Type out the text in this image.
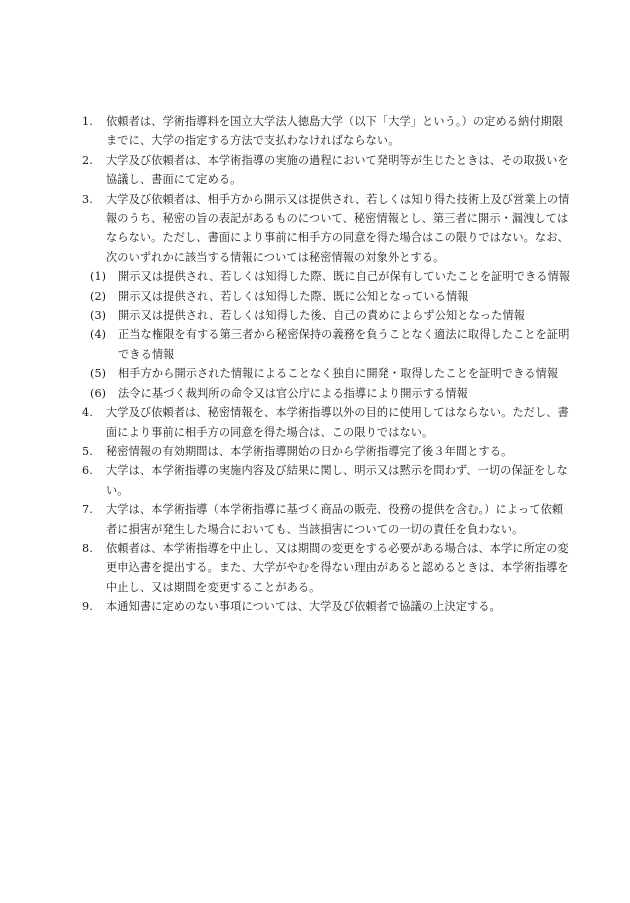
1. 依頼者は、学術指導料を国立大学法人徳島大学（以下「大学」という。）の定める納付期限までに、大学の指定する方法で支払わなければならない。
2. 大学及び依頼者は、本学術指導の実施の過程において発明等が生じたときは、その取扱いを協議し、書面にて定める。
3. 大学及び依頼者は、相手方から開示又は提供され、若しくは知り得た技術上及び営業上の情報のうち、秘密の旨の表記があるものについて、秘密情報とし、第三者に開示・漏洩してはならない。ただし、書面により事前に相手方の同意を得た場合はこの限りではない。なお、次のいずれかに該当する情報については秘密情報の対象外とする。
(1) 開示又は提供され、若しくは知得した際、既に自己が保有していたことを証明できる情報
(2) 開示又は提供され、若しくは知得した際、既に公知となっている情報
(3) 開示又は提供され、若しくは知得した後、自己の責めによらず公知となった情報
(4) 正当な権限を有する第三者から秘密保持の義務を負うことなく適法に取得したことを証明できる情報
(5) 相手方から開示された情報によることなく独自に開発・取得したことを証明できる情報
(6) 法令に基づく裁判所の命令又は官公庁による指導により開示する情報
4. 大学及び依頼者は、秘密情報を、本学術指導以外の目的に使用してはならない。ただし、書面により事前に相手方の同意を得た場合は、この限りではない。
5. 秘密情報の有効期間は、本学術指導開始の日から学術指導完了後３年間とする。
6. 大学は、本学術指導の実施内容及び結果に関し、明示又は黙示を問わず、一切の保証をしない。
7. 大学は、本学術指導（本学術指導に基づく商品の販売、役務の提供を含む。）によって依頼者に損害が発生した場合においても、当該損害についての一切の責任を負わない。
8. 依頼者は、本学術指導を中止し、又は期間の変更をする必要がある場合は、本学に所定の変更申込書を提出する。また、大学がやむを得ない理由があると認めるときは、本学術指導を中止し、又は期間を変更することがある。
9. 本通知書に定めのない事項については、大学及び依頼者で協議の上決定する。
